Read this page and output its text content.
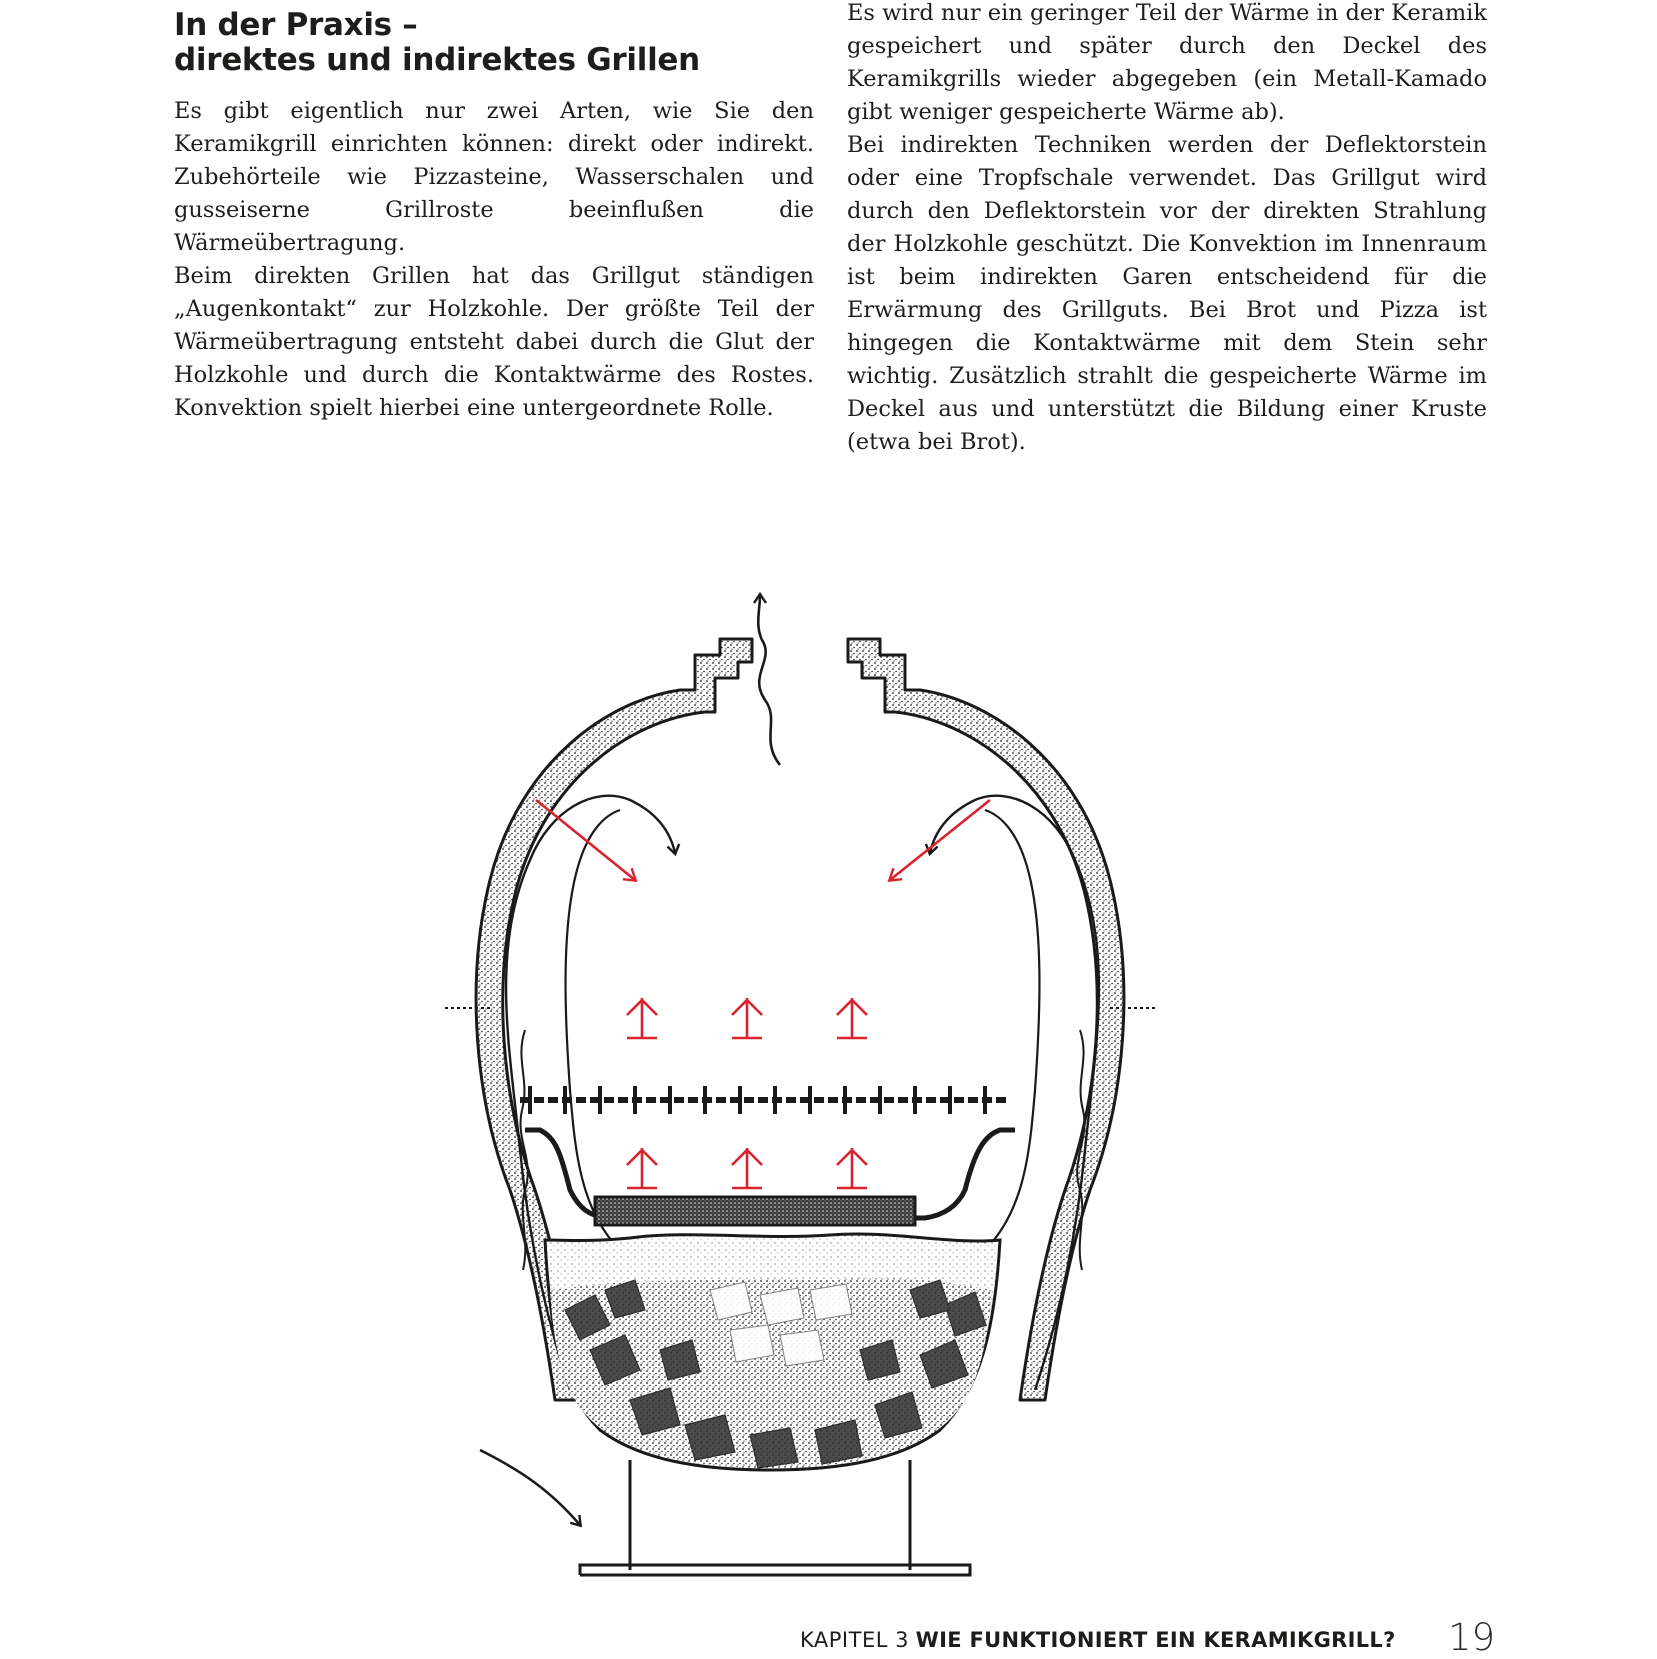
In der Praxis –
direktes und indirektes Grillen

Es gibt eigentlich nur zwei Arten, wie Sie den Keramikgrill einrichten können: direkt oder indirekt. Zubehörteile wie Pizzasteine, Wasserschalen und gusseiserne Grillroste beeinflußen die Wärmeübertragung.

Beim direkten Grillen hat das Grillgut ständigen „Augenkontakt“ zur Holzkohle. Der größte Teil der Wärmeübertragung entsteht dabei durch die Glut der Holzkohle und durch die Kontaktwärme des Rostes. Konvektion spielt hierbei eine untergeordnete Rolle.

Es wird nur ein geringer Teil der Wärme in der Keramik gespeichert und später durch den Deckel des Keramikgrills wieder abgegeben (ein Metall-Kamado gibt weniger gespeicherte Wärme ab).

Bei indirekten Techniken werden der Deflektorstein oder eine Tropfschale verwendet. Das Grillgut wird durch den Deflektorstein vor der direkten Strahlung der Holzkohle geschützt. Die Konvektion im Innenraum ist beim indirekten Garen entscheidend für die Erwärmung des Grillguts. Bei Brot und Pizza ist hingegen die Kontaktwärme mit dem Stein sehr wichtig. Zusätzlich strahlt die gespeicherte Wärme im Deckel aus und unterstützt die Bildung einer Kruste (etwa bei Brot).

KAPITEL 3 WIE FUNKTIONIERT EIN KERAMIKGRILL?	19
